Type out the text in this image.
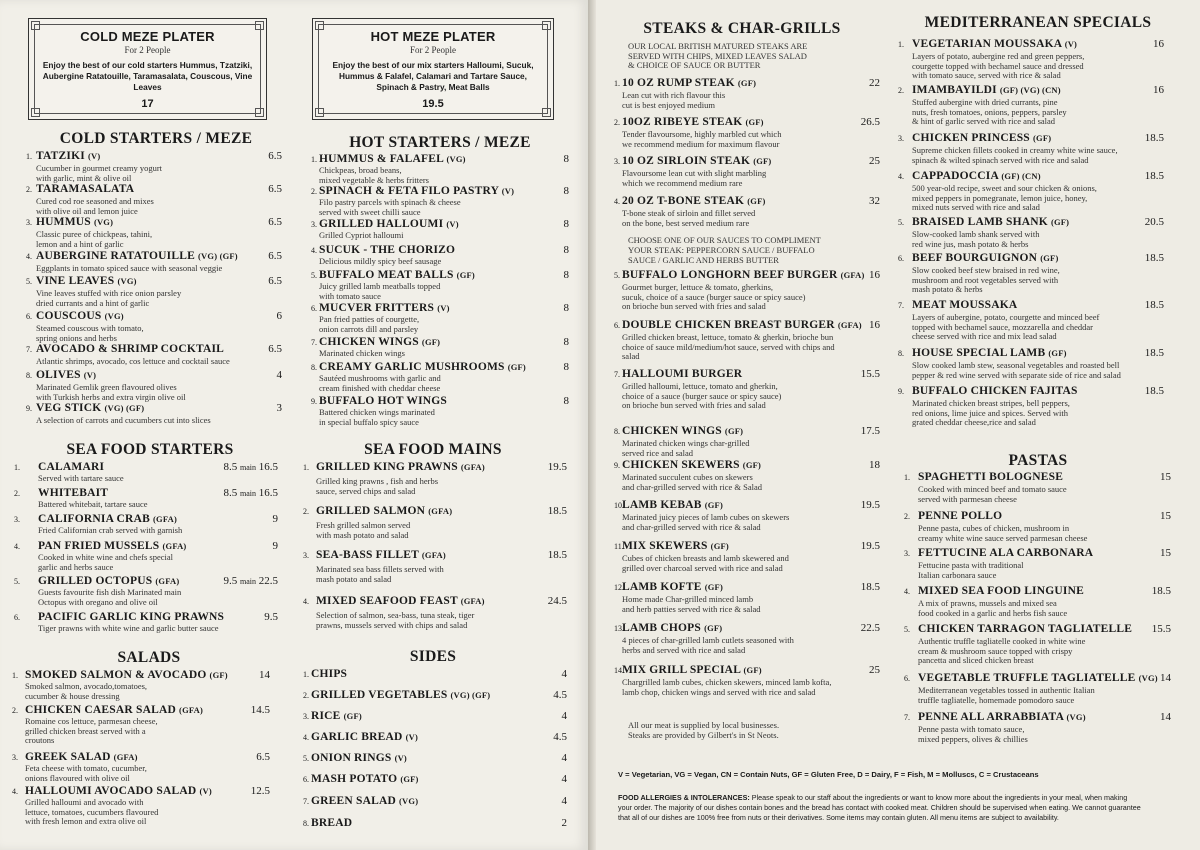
COLD MEZE PLATER
For 2 People
Enjoy the best of our cold starters Hummus, Tzatziki, Aubergine Ratatouille, Taramasalata, Couscous, Vine Leaves
17
HOT MEZE PLATER
For 2 People
Enjoy the best of our mix starters Halloumi, Sucuk, Hummus & Falafel, Calamari and Tartare Sauce, Spinach & Pastry, Meat Balls
19.5
V = Vegetarian, VG = Vegan, CN = Contain Nuts, GF = Gluten Free, D = Dairy, F = Fish, M = Molluscs, C = Crustaceans
FOOD ALLERGIES & INTOLERANCES: Please speak to our staff about the ingredients or want to know more about the ingredients in your meal, when making
your order. The majority of our dishes contain bones and the bread has contact with cooked meat. Children should be supervised when eating. We cannot guarantee
that all of our dishes are 100% free from nuts or their derivatives. Some items may contain gluten. All menu items are subject to availability.
COLD STARTERS / MEZE
1. TATZIKI (V)
Cucumber in gourmet creamy yogurt
with garlic, mint & olive oil
6.5
2. TARAMASALATA
Cured cod roe seasoned and mixes
with olive oil and lemon juice
6.5
3. HUMMUS (VG)
Classic puree of chickpeas, tahini,
lemon and a hint of garlic
6.5
4. AUBERGINE RATATOUILLE (VG) (GF)
Eggplants in tomato spiced sauce with seasonal veggie
6.5
5. VINE LEAVES (VG)
Vine leaves stuffed with rice onion parsley
dried currants and a hint of garlic
6.5
6. COUSCOUS (VG)
Steamed couscous with tomato,
spring onions and herbs
6
7. AVOCADO & SHRIMP COCKTAIL
Atlantic shrimps, avocado, cos lettuce and cocktail sauce
6.5
8. OLIVES (V)
Marinated Gemlik green flavoured olives
with Turkish herbs and extra virgin olive oil
4
9. VEG STICK (VG) (GF)
A selection of carrots and cucumbers cut into slices
3
SEA FOOD STARTERS
1. CALAMARI
Served with tartare sauce
8.5 main 16.5
2. WHITEBAIT
Battered whitebait, tartare sauce
8.5 main 16.5
3. CALIFORNIA CRAB (GFA)
Fried Californian crab served with garnish
9
4. PAN FRIED MUSSELS (GFA)
Cooked in white wine and chefs special
garlic and herbs sauce
9
5. GRILLED OCTOPUS (GFA)
Guests favourite fish dish Marinated main
Octopus with oregano and olive oil
9.5 main 22.5
6. PACIFIC GARLIC KING PRAWNS
Tiger prawns with white wine and garlic butter sauce
9.5
SALADS
1. SMOKED SALMON & AVOCADO (GF)
Smoked salmon, avocado,tomatoes,
cucumber & house dressing
14
2. CHICKEN CAESAR SALAD (GFA)
Romaine cos lettuce, parmesan cheese,
grilled chicken breast served with a
croutons
14.5
3. GREEK SALAD (GFA)
Feta cheese with tomato, cucumber,
onions flavoured with olive oil
6.5
4. HALLOUMI AVOCADO SALAD (V)
Grilled halloumi and avocado with
lettuce, tomatoes, cucumbers flavoured
with fresh lemon and extra olive oil
12.5
HOT STARTERS / MEZE
1. HUMMUS & FALAFEL (VG)
Chickpeas, broad beans,
mixed vegetable & herbs fritters
8
2. SPINACH & FETA FILO PASTRY (V)
Filo pastry parcels with spinach & cheese
served with sweet chilli sauce
8
3. GRILLED HALLOUMI (V)
Grilled Cypriot halloumi
8
4. SUCUK - THE CHORIZO
Delicious mildly spicy beef sausage
8
5. BUFFALO MEAT BALLS (GF)
Juicy grilled lamb meatballs topped
with tomato sauce
8
6. MUCVER FRITTERS (V)
Pan fried patties of courgette,
onion carrots dill and parsley
8
7. CHICKEN WINGS (GF)
Marinated chicken wings
8
8. CREAMY GARLIC MUSHROOMS (GF)
Sautéed mushrooms with garlic and
cream finished with cheddar cheese
8
9. BUFFALO HOT WINGS
Battered chicken wings marinated
in special buffalo spicy sauce
8
SEA FOOD MAINS
1. GRILLED KING PRAWNS (GFA)
Grilled king prawns , fish and herbs
sauce, served chips and salad
19.5
2. GRILLED SALMON (GFA)
Fresh grilled salmon served
with mash potato and salad
18.5
3. SEA-BASS FILLET (GFA)
Marinated sea bass fillets served with
mash potato and salad
18.5
4. MIXED SEAFOOD FEAST (GFA)
Selection of salmon, sea-bass, tuna steak, tiger
prawns, mussels served with chips and salad
24.5
SIDES
1. CHIPS	4
2. GRILLED VEGETABLES (VG) (GF)	4.5
3. RICE (GF)	4
4. GARLIC BREAD (V)	4.5
5. ONION RINGS (V)	4
6. MASH POTATO (GF)	4
7. GREEN SALAD (VG)	4
8. BREAD	2
STEAKS & CHAR-GRILLS
OUR LOCAL BRITISH MATURED STEAKS ARE
SERVED WITH CHIPS, MIXED LEAVES SALAD
& CHOICE OF SAUCE OR BUTTER
1. 10 OZ RUMP STEAK (GF)
Lean cut with rich flavour this
cut is best enjoyed medium
22
2. 10OZ RIBEYE STEAK (GF)
Tender flavoursome, highly marbled cut which
we recommend medium for maximum flavour
26.5
3. 10 OZ SIRLOIN STEAK (GF)
Flavoursome lean cut with slight marbling
which we recommend medium rare
25
4. 20 OZ T-BONE STEAK (GF)
T-bone steak of sirloin and fillet served
on the bone, best served medium rare
32
5. BUFFALO LONGHORN BEEF BURGER (GFA)
Gourmet burger, lettuce & tomato, gherkins,
sucuk, choice of a sauce (burger sauce or spicy sauce)
on brioche bun served with fries and salad
16
6. DOUBLE CHICKEN BREAST BURGER (GFA)
Grilled chicken breast, lettuce, tomato & gherkin, brioche bun
choice of sauce mild/medium/hot sauce, served with chips and
salad
16
7. HALLOUMI BURGER
Grilled halloumi, lettuce, tomato and gherkin,
choice of a sauce (burger sauce or spicy sauce)
on brioche bun served with fries and salad
15.5
8. CHICKEN WINGS (GF)
Marinated chicken wings char-grilled
served rice and salad
17.5
9. CHICKEN SKEWERS (GF)
Marinated succulent cubes on skewers
and char-grilled served with rice & Salad
18
10.
LAMB KEBAB (GF)
Marinated juicy pieces of lamb cubes on skewers
and char-grilled served with rice & salad
19.5
11.
MIX SKEWERS (GF)
Cubes of chicken breasts and lamb skewered and
grilled over charcoal served with rice and salad
19.5
12.
LAMB KOFTE (GF)
Home made Char-grilled minced lamb
and herb patties served with rice & salad
18.5
13.
LAMB CHOPS (GF)
4 pieces of char-grilled lamb cutlets seasoned with
herbs and served with rice and salad
22.5
14.
MIX GRILL SPECIAL (GF)
Chargrilled lamb cubes, chicken skewers, minced lamb kofta,
lamb chop, chicken wings and served with rice and salad
25
CHOOSE ONE OF OUR SAUCES TO COMPLIMENT
YOUR STEAK: PEPPERCORN SAUCE / BUFFALO
SAUCE / GARLIC AND HERBS BUTTER
All our meat is supplied by local businesses.
Steaks are provided by Gilbert's in St Neots.
MEDITERRANEAN SPECIALS
1. VEGETARIAN MOUSSAKA (V)
Layers of potato, aubergine red and green peppers,
courgette topped with bechamel sauce and dressed
with tomato sauce, served with rice & salad
16
2. IMAMBAYILDI (GF) (VG) (CN)
Stuffed aubergine with dried currants, pine
nuts, fresh tomatoes, onions, peppers, parsley
& hint of garlic served with rice and salad
16
3. CHICKEN PRINCESS (GF)
Supreme chicken fillets cooked in creamy white wine sauce,
spinach & wilted spinach served with rice and salad
18.5
4. CAPPADOCCIA (GF) (CN)
500 year-old recipe, sweet and sour chicken & onions,
mixed peppers in pomegranate, lemon juice, honey,
mixed nuts served with rice and salad
18.5
5. BRAISED LAMB SHANK (GF)
Slow-cooked lamb shank served with
red wine jus, mash potato & herbs
20.5
6. BEEF BOURGUIGNON (GF)
Slow cooked beef stew braised in red wine,
mushroom and root vegetables served with
mash potato & herbs
18.5
7. MEAT MOUSSAKA
Layers of aubergine, potato, courgette and minced beef
topped with bechamel sauce, mozzarella and cheddar
cheese served with rice and mix lead salad
18.5
8. HOUSE SPECIAL LAMB (GF)
Slow cooked lamb stew, seasonal vegetables and roasted bell
pepper & red wine served with separate side of rice and salad
18.5
9. BUFFALO CHICKEN FAJITAS
Marinated chicken breast stripes, bell peppers,
red onions, lime juice and spices. Served with
grated cheddar cheese,rice and salad
18.5
PASTAS
1. SPAGHETTI BOLOGNESE
Cooked with minced beef and tomato sauce
served with parmesan cheese
15
2. PENNE POLLO
Penne pasta, cubes of chicken, mushroom in
creamy white wine sauce served parmesan cheese
15
3. FETTUCINE ALA CARBONARA
Fettucine pasta with traditional
Italian carbonara sauce
15
4. MIXED SEA FOOD LINGUINE
A mix of prawns, mussels and mixed sea
food cooked in a garlic and herbs fish sauce
18.5
5. CHICKEN TARRAGON TAGLIATELLE
Authentic truffle tagliatelle cooked in white wine
cream & mushroom sauce topped with crispy
pancetta and sliced chicken breast
15.5
6. VEGETABLE TRUFFLE TAGLIATELLE (VG)
Mediterranean vegetables tossed in authentic Italian
truffle tagliatelle, homemade pomodoro sauce
14
7. PENNE ALL ARRABBIATA (VG)
Penne pasta with tomato sauce,
mixed peppers, olives & chillies
14
